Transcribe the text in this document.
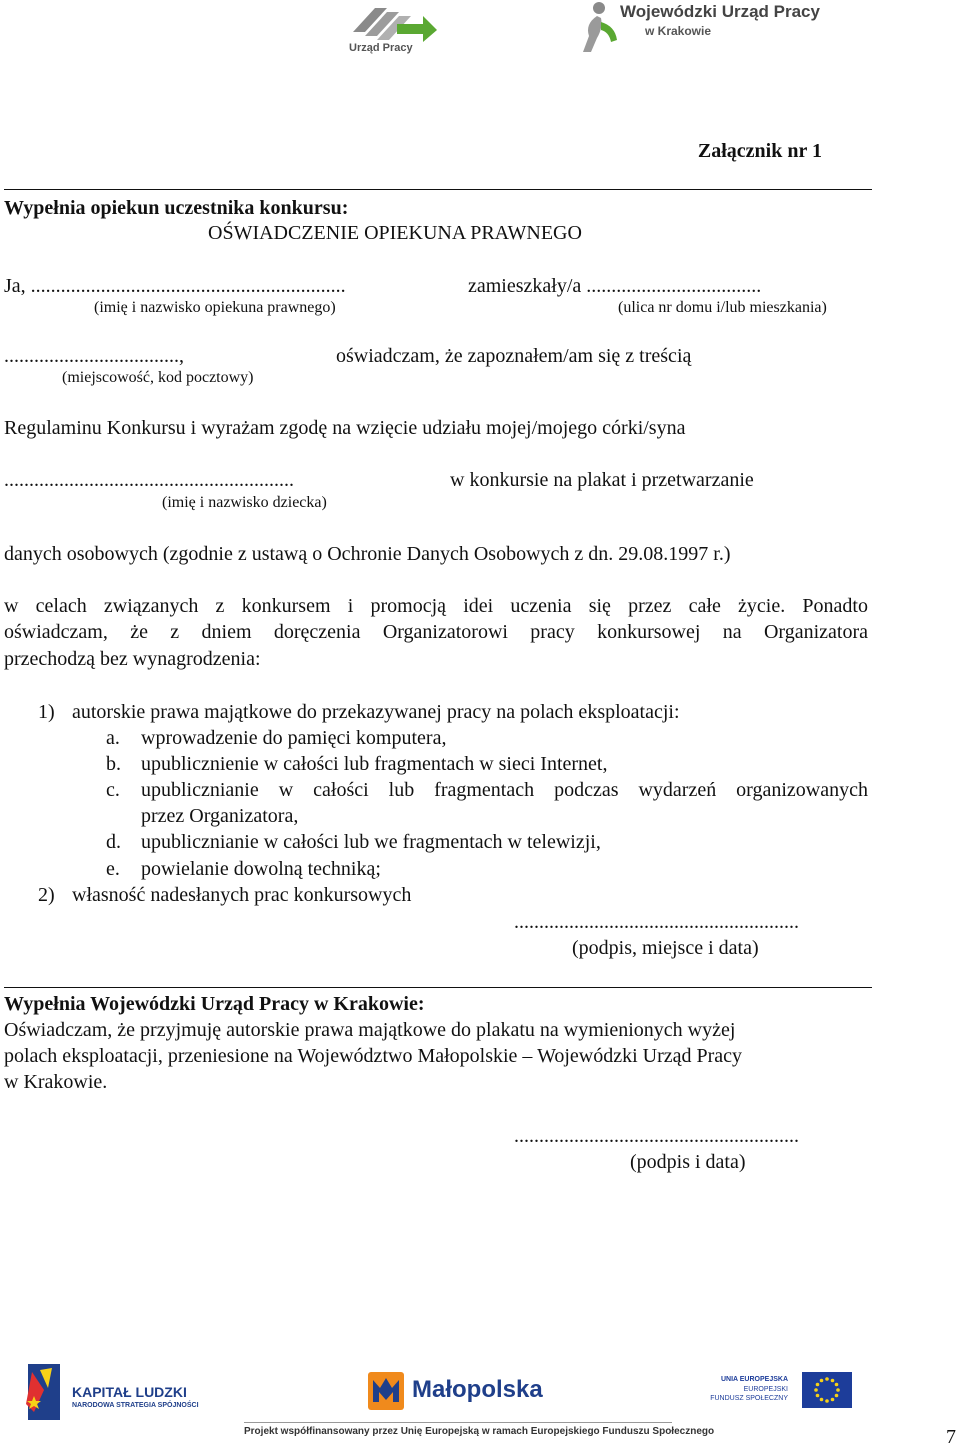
Urząd Pracy
Wojewódzki Urząd Pracy
w Krakowie
Załącznik nr 1
Wypełnia opiekun uczestnika konkursu:
OŚWIADCZENIE OPIEKUNA PRAWNEGO
Ja, ...............................................................	zamieszkały/a ...................................
(imię i nazwisko opiekuna prawnego)	(ulica nr domu i/lub mieszkania)
...................................,	oświadczam, że zapoznałem/am się z treścią
(miejscowość, kod pocztowy)
Regulaminu Konkursu i wyrażam zgodę na wzięcie udziału mojej/mojego córki/syna
..........................................................	w konkursie na plakat i przetwarzanie
(imię i nazwisko dziecka)
danych osobowych (zgodnie z ustawą o Ochronie Danych Osobowych z dn. 29.08.1997 r.)
w celach związanych z konkursem i promocją idei uczenia się przez całe życie. Ponadto
oświadczam, że z dniem doręczenia Organizatorowi pracy konkursowej na Organizatora
przechodzą bez wynagrodzenia:
1) autorskie prawa majątkowe do przekazywanej pracy na polach eksploatacji:
a. wprowadzenie do pamięci komputera,
b. upublicznienie w całości lub fragmentach w sieci Internet,
c. upublicznianie w całości lub fragmentach podczas wydarzeń organizowanych
przez Organizatora,
d. upublicznianie w całości lub we fragmentach w telewizji,
e. powielanie dowolną techniką;
2) własność nadesłanych prac konkursowych
.........................................................
(podpis, miejsce i data)
Wypełnia Wojewódzki Urząd Pracy w Krakowie:
Oświadczam, że przyjmuję autorskie prawa majątkowe do plakatu na wymienionych wyżej
polach eksploatacji, przeniesione na Województwo Małopolskie – Wojewódzki Urząd Pracy
w Krakowie.
.........................................................
(podpis i data)
KAPITAŁ LUDZKI
NARODOWA STRATEGIA SPÓJNOŚCI
Małopolska	UNIA EUROPEJSKA
EUROPEJSKI
FUNDUSZ SPOŁECZNY
Projekt współfinansowany przez Unię Europejską w ramach Europejskiego Funduszu Społecznego	7
